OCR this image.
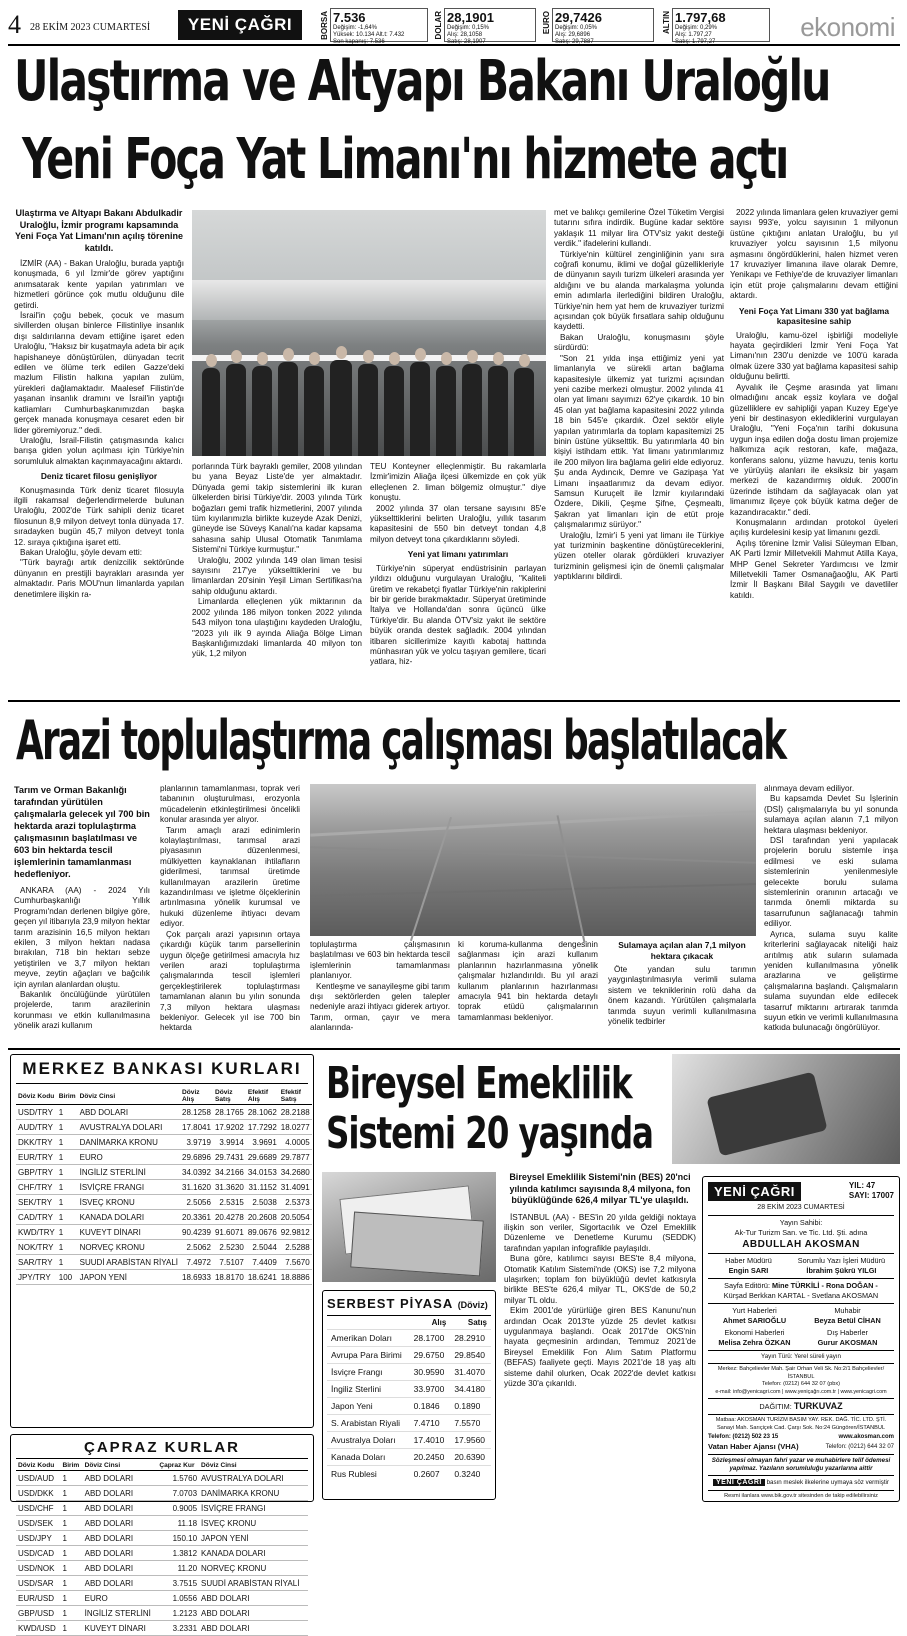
4 28 EKİM 2023 CUMARTESİ	YENİ ÇAĞRI	BORSA 7.536
Değişim: -1,64%
Yüksek: 10.134 Alt.t: 7.432
Son kapanış: 7.536
DOLAR 28,1901
Değişim: 0,15%
Alış: 28,1058
Satış: 28,1907
EURO 29,7426
Değişim: 0,05%
Alış: 29,6896
Satış: 29,7887
ALTIN 1.797,68
Değişim: 0,29%
Alış: 1.797,27
Satış: 1.797,27	ekonomi
Ulaştırma ve Altyapı Bakanı Uraloğlu
Yeni Foça Yat Limanı'nı hizmete açtı

Ulaştırma ve Altyapı Bakanı Abdulkadir Uraloğlu, İzmir programı kapsamında Yeni Foça Yat Limanı'nın açılış törenine katıldı.

İZMİR (AA) - Bakan Uraloğlu, burada yaptığı konuşmada, 6 yıl İzmir'de görev yaptığını anımsatarak kente yapılan yatırımları ve hizmetleri görünce çok mutlu olduğunu dile getirdi.

İsrail'in çoğu bebek, çocuk ve masum sivillerden oluşan binlerce Filistinliye insanlık dışı saldırılarına devam ettiğine işaret eden Uraloğlu, "Haksız bir kuşatmayla adeta bir açık hapishaneye dönüştürülen, dünyadan tecrit edilen ve ölüme terk edilen Gazze'deki mazlum Filistin halkına yapılan zulüm, yürekleri dağlamaktadır. Maalesef Filistin'de yaşanan insanlık dramını ve İsrail'in yaptığı katliamları Cumhurbaşkanımızdan başka gerçek manada konuşmaya cesaret eden bir lider göremiyoruz." dedi.

Uraloğlu, İsrail-Filistin çatışmasında kalıcı barışa giden yolun açılması için Türkiye'nin sorumluluk almaktan kaçınmayacağını aktardı.

Deniz ticaret filosu genişliyor

Konuşmasında Türk deniz ticaret filosuyla ilgili rakamsal değerlendirmelerde bulunan Uraloğlu, 2002'de Türk sahipli deniz ticaret filosunun 8,9 milyon detveyt tonla dünyada 17. sıradayken bugün 45,7 milyon detveyt tonla 12. sıraya çıktığına işaret etti.

Bakan Uraloğlu, şöyle devam etti:

"Türk bayrağı artık denizcilik sektöründe dünyanın en prestijli bayrakları arasında yer almaktadır. Paris MOU'nun limanlarda yapılan denetimlere ilişkin ra-

porlarında Türk bayraklı gemiler, 2008 yılından bu yana Beyaz Liste'de yer almaktadır. Dünyada gemi takip sistemlerini ilk kuran ülkelerden birisi Türkiye'dir. 2003 yılında Türk boğazları gemi trafik hizmetlerini, 2007 yılında tüm kıyılarımızla birlikte kuzeyde Azak Denizi, güneyde ise Süveyş Kanalı'na kadar kapsama sahasına sahip Ulusal Otomatik Tanımlama Sistemi'ni Türkiye kurmuştur."

Uraloğlu, 2002 yılında 149 olan liman tesisi sayısını 217'ye yükselttiklerini ve bu limanlardan 20'sinin Yeşil Liman Sertifikası'na sahip olduğunu aktardı.

Limanlarda elleçlenen yük miktarının da 2002 yılında 186 milyon tonken 2022 yılında 543 milyon tona ulaştığını kaydeden Uraloğlu, "2023 yılı ilk 9 ayında Aliağa Bölge Liman Başkanlığımızdaki limanlarda 40 milyon ton yük, 1,2 milyon

TEU Konteyner elleçlenmiştir. Bu rakamlarla İzmir'imizin Aliağa ilçesi ülkemizde en çok yük elleçlenen 2. liman bölgemiz olmuştur." diye konuştu.

2002 yılında 37 olan tersane sayısını 85'e yükselttiklerini belirten Uraloğlu, yıllık tasarım kapasitesini de 550 bin detveyt tondan 4,8 milyon detveyt tona çıkardıklarını söyledi.

Yeni yat limanı yatırımları

Türkiye'nin süperyat endüstrisinin parlayan yıldızı olduğunu vurgulayan Uraloğlu, "Kaliteli üretim ve rekabetçi fiyatlar Türkiye'nin rakiplerini bir bir geride bırakmaktadır. Süperyat üretiminde İtalya ve Hollanda'dan sonra üçüncü ülke Türkiye'dir. Bu alanda ÖTV'siz yakıt ile sektöre büyük oranda destek sağladık. 2004 yılından itibaren sicillerimize kayıtlı kabotaj hattında münhasıran yük ve yolcu taşıyan gemilere, ticari yatlara, hiz-

met ve balıkçı gemilerine Özel Tüketim Vergisi tutarını sıfıra indirdik. Bugüne kadar sektöre yaklaşık 11 milyar lira ÖTV'siz yakıt desteği verdik." ifadelerini kullandı.

Türkiye'nin kültürel zenginliğinin yanı sıra coğrafi konumu, iklimi ve doğal güzellikleriyle de dünyanın sayılı turizm ülkeleri arasında yer aldığını ve bu alanda markalaşma yolunda emin adımlarla ilerlediğini bildiren Uraloğlu, Türkiye'nin hem yat hem de kruvaziyer turizmi açısından çok büyük fırsatlara sahip olduğunu kaydetti.

Bakan Uraloğlu, konuşmasını şöyle sürdürdü:

"Son 21 yılda inşa ettiğimiz yeni yat limanlarıyla ve sürekli artan bağlama kapasitesiyle ülkemiz yat turizmi açısından yeni cazibe merkezi olmuştur. 2002 yılında 41 olan yat limanı sayımızı 62'ye çıkardık. 10 bin 45 olan yat bağlama kapasitesini 2022 yılında 18 bin 545'e çıkardık. Özel sektör eliyle yapılan yatırımlarla da toplam kapasitemizi 25 binin üstüne yükselttik. Bu yatırımlarla 40 bin kişiyi istihdam ettik. Yat limanı yatırımlarımız ile 200 milyon lira bağlama geliri elde ediyoruz. Şu anda Aydıncık, Demre ve Gazipaşa Yat Limanı inşaatlarımız da devam ediyor. Samsun Kuruçelt ile İzmir kıyılarındaki Özdere, Dikili, Çeşme Şifne, Çeşmealtı, Şakran yat limanları için de etüt proje çalışmalarımız sürüyor."

Uraloğlu, İzmir'i 5 yeni yat limanı ile Türkiye yat turizminin başkentine dönüştüreceklerini, yüzen oteller olarak gördükleri kruvaziyer turizminin gelişmesi için de önemli çalışmalar yaptıklarını bildirdi.

2022 yılında limanlara gelen kruvaziyer gemi sayısı 993'e, yolcu sayısının 1 milyonun üstüne çıktığını anlatan Uraloğlu, bu yıl kruvaziyer yolcu sayısının 1,5 milyonu aşmasını öngördüklerini, halen hizmet veren 17 kruvaziyer limanına ilave olarak Demre, Yenikapı ve Fethiye'de de kruvaziyer limanları için etüt proje çalışmalarını devam ettiğini aktardı.

Yeni Foça Yat Limanı 330 yat bağlama kapasitesine sahip

Uraloğlu, kamu-özel işbirliği modeliyle hayata geçirdikleri İzmir Yeni Foça Yat Limanı'nın 230'u denizde ve 100'ü karada olmak üzere 330 yat bağlama kapasitesi sahip olduğunu belirtti.

Ayvalık ile Çeşme arasında yat limanı olmadığını ancak eşsiz koylara ve doğal güzelliklere ev sahipliği yapan Kuzey Ege'ye yeni bir destinasyon eklediklerini vurgulayan Uraloğlu, "Yeni Foça'nın tarihi dokusuna uygun inşa edilen doğa dostu liman projemize halkımıza açık restoran, kafe, mağaza, konferans salonu, yüzme havuzu, tenis kortu ve yürüyüş alanları ile eksiksiz bir yaşam merkezi de kazandırmış olduk. 2000'in üzerinde istihdam da sağlayacak olan yat limanımız ilçeye çok büyük katma değer de kazandıracaktır." dedi.

Konuşmaların ardından protokol üyeleri açılış kurdelesini kesip yat limanını gezdi.

Açılış törenine İzmir Valisi Süleyman Elban, AK Parti İzmir Milletvekili Mahmut Atilla Kaya, MHP Genel Sekreter Yardımcısı ve İzmir Milletvekili Tamer Osmanağaoğlu, AK Parti İzmir İl Başkanı Bilal Saygılı ve davetliler katıldı.

Arazi toplulaştırma çalışması başlatılacak

Tarım ve Orman Bakanlığı tarafından yürütülen çalışmalarla gelecek yıl 700 bin hektarda arazi toplulaştırma çalışmasının başlatılması ve 603 bin hektarda tescil işlemlerinin tamamlanması hedefleniyor.

ANKARA (AA) - 2024 Yılı Cumhurbaşkanlığı Yıllık Programı'ndan derlenen bilgiye göre, geçen yıl itibarıyla 23,9 milyon hektar tarım arazisinin 16,5 milyon hektarı ekilen, 3 milyon hektarı nadasa bırakılan, 718 bin hektarı sebze yetiştirilen ve 3,7 milyon hektarı meyve, zeytin ağaçları ve bağcılık için ayrılan alanlardan oluştu.

Bakanlık öncülüğünde yürütülen projelerde, tarım arazilerinin korunması ve etkin kullanılmasına yönelik arazi kullanım

planlarının tamamlanması, toprak veri tabanının oluşturulması, erozyonla mücadelenin etkinleştirilmesi öncelikli konular arasında yer alıyor.

Tarım amaçlı arazi edinimlerin kolaylaştırılması, tarımsal arazi piyasasının düzenlenmesi, mülkiyetten kaynaklanan ihtilafların giderilmesi, tarımsal üretimde kullanılmayan arazilerin üretime kazandırılması ve işletme ölçeklerinin artırılmasına yönelik kurumsal ve hukuki düzenleme ihtiyacı devam ediyor.

Çok parçalı arazi yapısının ortaya çıkardığı küçük tarım parsellerinin uygun ölçeğe getirilmesi amacıyla hız verilen arazi toplulaştırma çalışmalarında tescil işlemleri gerçekleştirilerek toplulaştırması tamamlanan alanın bu yılın sonunda 7,3 milyon hektara ulaşması bekleniyor. Gelecek yıl ise 700 bin hektarda

toplulaştırma çalışmasının başlatılması ve 603 bin hektarda tescil işlemlerinin tamamlanması planlanıyor.

Kentleşme ve sanayileşme gibi tarım dışı sektörlerden gelen talepler nedeniyle arazi ihtiyacı giderek artıyor. Tarım, orman, çayır ve mera alanlarında-

ki koruma-kullanma dengesinin sağlanması için arazi kullanım planlarının hazırlanmasına yönelik çalışmalar hızlandırıldı. Bu yıl arazi kullanım planlarının hazırlanması amacıyla 941 bin hektarda detaylı toprak etüdü çalışmalarının tamamlanması bekleniyor.

Sulamaya açılan alan 7,1 milyon hektara çıkacak

Öte yandan sulu tarımın yaygınlaştırılmasıyla verimli sulama sistem ve tekniklerinin rolü daha da önem kazandı. Yürütülen çalışmalarla tarımda suyun verimli kullanılmasına yönelik tedbirler

alınmaya devam ediliyor.

Bu kapsamda Devlet Su İşlerinin (DSİ) çalışmalarıyla bu yıl sonunda sulamaya açılan alanın 7,1 milyon hektara ulaşması bekleniyor.

DSİ tarafından yeni yapılacak projelerin borulu sistemle inşa edilmesi ve eski sulama sistemlerinin yenilenmesiyle gelecekte borulu sulama sistemlerinin oranının artacağı ve tarımda önemli miktarda su tasarrufunun sağlanacağı tahmin ediliyor.

Ayrıca, sulama suyu kalite kriterlerini sağlayacak niteliği haiz arıtılmış atık suların sulamada yeniden kullanılmasına yönelik arazlarına ve geliştirme çalışmalarına başlandı. Çalışmaların sulama suyundan elde edilecek tasarruf miktarını artırarak tarımda suyun etkin ve verimli kullanılmasına katkıda bulunacağı öngörülüyor.

MERKEZ BANKASI KURLARI
Döviz Kodu	Birim	Döviz Cinsi	Döviz Alış	Döviz Satış	Efektif Alış	Efektif Satış
USD/TRY	1	ABD DOLARI	28.1258	28.1765	28.1062	28.2188
AUD/TRY	1	AVUSTRALYA DOLARI	17.8041	17.9202	17.7292	18.0277
DKK/TRY	1	DANİMARKA KRONU	3.9719	3.9914	3.9691	4.0005
EUR/TRY	1	EURO	29.6896	29.7431	29.6689	29.7877
GBP/TRY	1	İNGİLİZ STERLİNİ	34.0392	34.2166	34.0153	34.2680
CHF/TRY	1	İSVİÇRE FRANGI	31.1620	31.3620	31.1152	31.4091
SEK/TRY	1	İSVEÇ KRONU	2.5056	2.5315	2.5038	2.5373
CAD/TRY	1	KANADA DOLARI	20.3361	20.4278	20.2608	20.5054
KWD/TRY	1	KUVEYT DİNARI	90.4239	91.6071	89.0676	92.9812
NOK/TRY	1	NORVEÇ KRONU	2.5062	2.5230	2.5044	2.5288
SAR/TRY	1	SUUDİ ARABİSTAN RİYALİ	7.4972	7.5107	7.4409	7.5670
JPY/TRY	100	JAPON YENİ	18.6933	18.8170	18.6241	18.8886
ÇAPRAZ KURLAR
Döviz Kodu	Birim	Döviz Cinsi	Çapraz Kur	Döviz Cinsi
USD/AUD	1	ABD DOLARI	1.5760	AVUSTRALYA DOLARI
USD/DKK	1	ABD DOLARI	7.0703	DANİMARKA KRONU
USD/CHF	1	ABD DOLARI	0.9005	İSVİÇRE FRANGI
USD/SEK	1	ABD DOLARI	11.18	İSVEÇ KRONU
USD/JPY	1	ABD DOLARI	150.10	JAPON YENİ
USD/CAD	1	ABD DOLARI	1.3812	KANADA DOLARI
USD/NOK	1	ABD DOLARI	11.20	NORVEÇ KRONU
USD/SAR	1	ABD DOLARI	3.7515	SUUDİ ARABİSTAN RİYALİ
EUR/USD	1	EURO	1.0556	ABD DOLARI
GBP/USD	1	İNGİLİZ STERLİNİ	1.2123	ABD DOLARI
KWD/USD	1	KUVEYT DİNARI	3.2331	ABD DOLARI
Bireysel Emeklilik
Sistemi 20 yaşında
SERBEST PİYASA (Döviz)
	Alış	Satış
Amerikan Doları	28.1700	28.2910
Avrupa Para Birimi	29.6750	29.8540
İsviçre Frangı	30.9590	31.4070
İngiliz Sterlini	33.9700	34.4180
Japon Yeni	0.1846	0.1890
S. Arabistan Riyali	7.4710	7.5570
Avustralya Doları	17.4010	17.9560
Kanada Doları	20.2450	20.6390
Rus Rublesi	0.2607	0.3240

Bireysel Emeklilik Sistemi'nin (BES) 20'nci yılında katılımcı sayısında 8,4 milyona, fon büyüklüğünde 626,4 milyar TL'ye ulaşıldı.

İSTANBUL (AA) - BES'in 20 yılda geldiği noktaya ilişkin son veriler, Sigortacılık ve Özel Emeklilik Düzenleme ve Denetleme Kurumu (SEDDK) tarafından yapılan infografikle paylaşıldı.

Buna göre, katılımcı sayısı BES'te 8,4 milyona, Otomatik Katılım Sistemi'nde (OKS) ise 7,2 milyona ulaşırken; toplam fon büyüklüğü devlet katkısıyla birlikte BES'te 626,4 milyar TL, OKS'de de 50,2 milyar TL oldu.

Ekim 2001'de yürürlüğe giren BES Kanunu'nun ardından Ocak 2013'te yüzde 25 devlet katkısı uygulanmaya başlandı. Ocak 2017'de OKS'nin hayata geçmesinin ardından, Temmuz 2021'de Bireysel Emeklilik Fon Alım Satım Platformu (BEFAS) faaliyete geçti. Mayıs 2021'de 18 yaş altı sisteme dahil olurken, Ocak 2022'de devlet katkısı yüzde 30'a çıkarıldı.

YENİ ÇAĞRI	YIL: 47
SAYI: 17007
28 EKİM 2023 CUMARTESİ
Yayın Sahibi:
Ak-Tur Turizm San. ve Tic. Ltd. Şti. adına
ABDULLAH AKOSMAN
Haber Müdürü
Engin SARI
Sorumlu Yazı İşleri Müdürü
İbrahim Şükrü YILGI
Sayfa Editörü: Mine TÜRKİLİ - Rona DOĞAN -
Kürşad Berkkan KARTAL - Svetlana AKOSMAN
Yurt Haberleri
Ahmet SARIOĞLU
Muhabir
Beyza Betül CİHAN
Ekonomi Haberleri
Melisa Zehra ÖZKAN
Dış Haberler
Gurur AKOSMAN
Yayın Türü: Yerel süreli yayın
Merkez: Bahçelievler Mah. Şair Orhan Veli Sk. No:2/1 Bahçelievler/İSTANBUL
Telefon: (0212) 644 32 07 (pbx)
e-mail: info@yenicagri.com | www.yeniçağrı.com.tr | www.yenicagri.com
DAĞITIM: TURKUVAZ
Matbaa: AKOSMAN TURİZM BASIM YAY. REK. DAĞ. TİC. LTD. ŞTİ.
Sanayi Mah. Sarıçiçek Cad. Çarşı Sok. No:24 Güngören/İSTANBUL
Telefon: (0212) 502 23 15	www.akosman.com
Vatan Haber Ajansı (VHA)	Telefon: (0212) 644 32 07
Sözleşmesi olmayan fahri yazar ve muhabirlere telif ödemesi yapılmaz. Yazıların sorumluluğu yazarlarına aittir
YENİ ÇAĞRI basın meslek ilkelerine uymaya söz vermiştir
Resmi ilanlara www.bik.gov.tr sitesinden de takip edilebilirsiniz
